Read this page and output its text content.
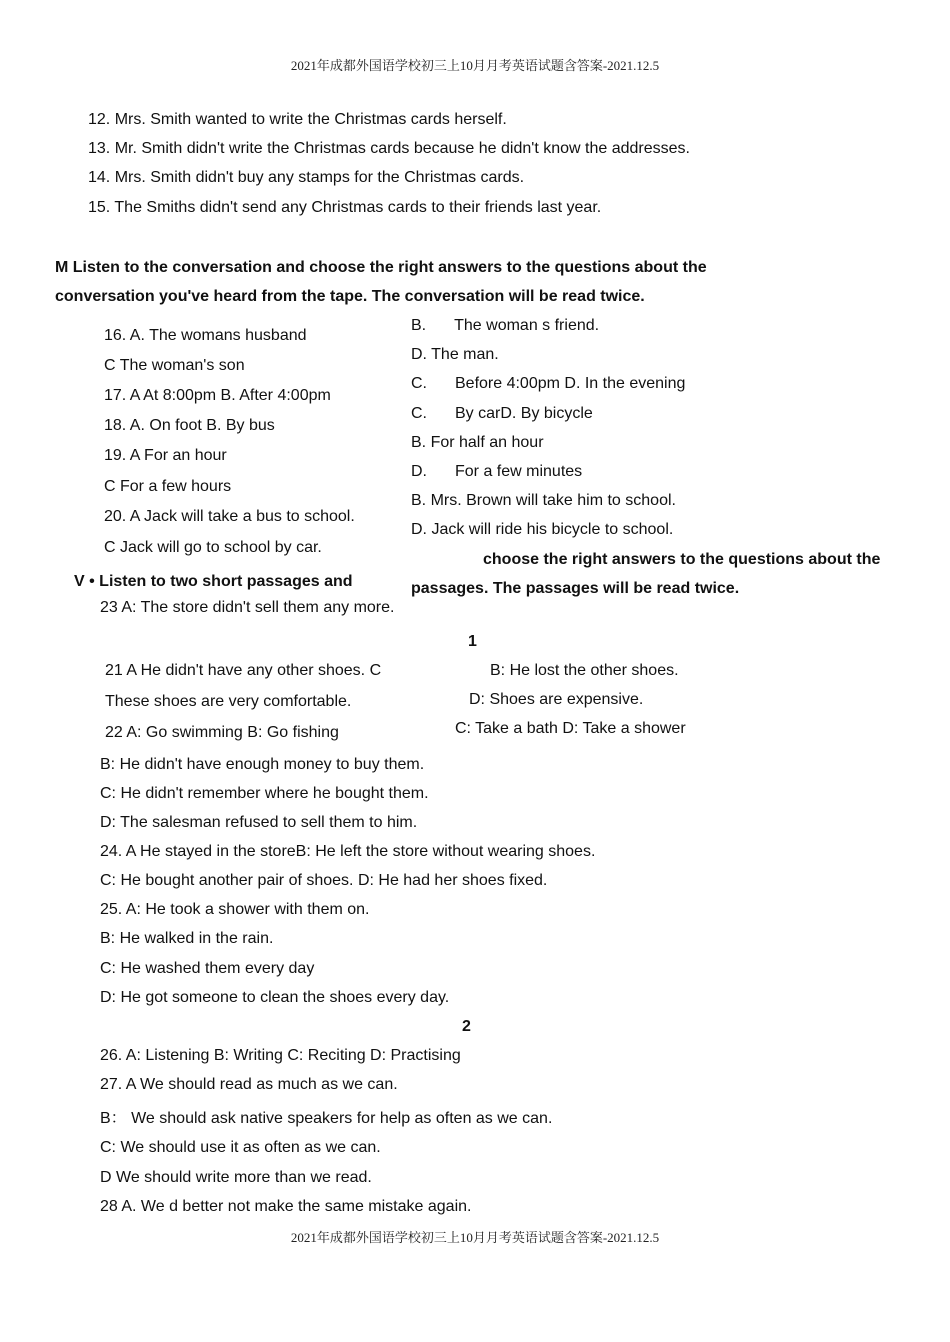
2021年成都外国语学校初三上10月月考英语试题含答案-2021.12.5
12. Mrs. Smith wanted to write the Christmas cards herself.
13. Mr. Smith didn't write the Christmas cards because he didn't know the addresses.
14. Mrs. Smith didn't buy any stamps for the Christmas cards.
15. The Smiths didn't send any Christmas cards to their friends last year.
M Listen to the conversation and choose the right answers to the questions about the
conversation you've heard from the tape. The conversation will be read twice.
16. A. The womans husband
C The woman's son
17. A At 8:00pm B. After 4:00pm
18. A. On foot B. By bus
19. A For an hour
C For a few hours
20. A Jack will take a bus to school.
C Jack will go to school by car.
B. The woman s friend.
D. The man.
C. Before 4:00pm D. In the evening
C. By carD. By bicycle
B. For half an hour
D. For a few minutes
B. Mrs. Brown will take him to school.
D. Jack will ride his bicycle to school.
V • Listen to two short passages and
choose the right answers to the questions about the
passages. The passages will be read twice.
23 A: The store didn't sell them any more.
1
21 A He didn't have any other shoes. C
These shoes are very comfortable.
22 A: Go swimming B: Go fishing
B: He lost the other shoes.
D: Shoes are expensive.
C: Take a bath D: Take a shower
B: He didn't have enough money to buy them.
C: He didn't remember where he bought them.
D: The salesman refused to sell them to him.
24. A He stayed in the storeB: He left the store without wearing shoes.
C: He bought another pair of shoes. D: He had her shoes fixed.
25. A: He took a shower with them on.
B: He walked in the rain.
C: He washed them every day
D: He got someone to clean the shoes every day.
2
26. A: Listening B: Writing C: Reciting D: Practising
27. A We should read as much as we can.
B： We should ask native speakers for help as often as we can.
C: We should use it as often as we can.
D We should write more than we read.
28 A. We d better not make the same mistake again.
2021年成都外国语学校初三上10月月考英语试题含答案-2021.12.5
